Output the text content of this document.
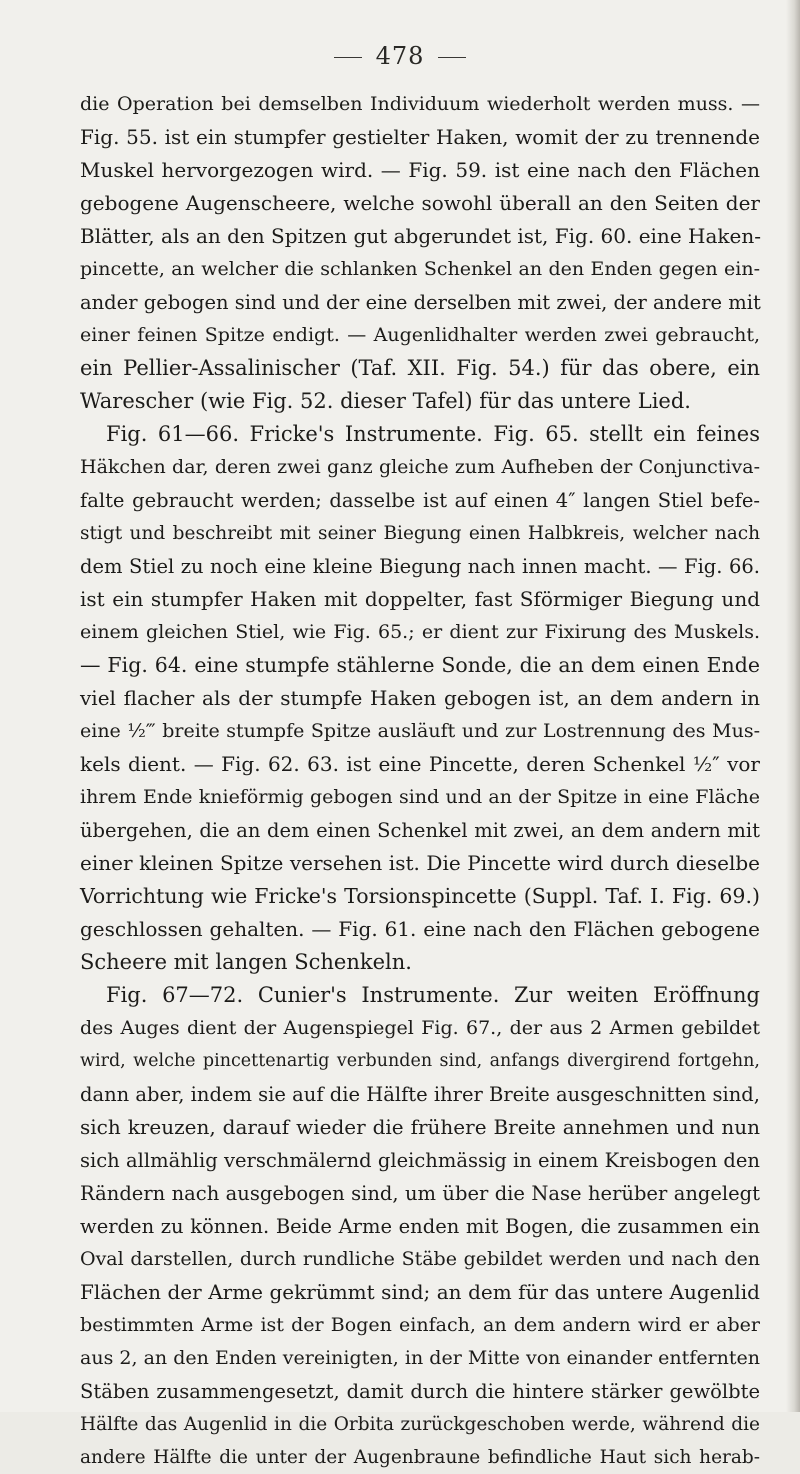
478
die Operation bei demselben Individuum wiederholt werden muss. —
Fig. 55. ist ein stumpfer gestielter Haken, womit der zu trennende
Muskel hervorgezogen wird. — Fig. 59. ist eine nach den Flächen
gebogene Augenscheere, welche sowohl überall an den Seiten der
Blätter, als an den Spitzen gut abgerundet ist, Fig. 60. eine Haken-
pincette, an welcher die schlanken Schenkel an den Enden gegen ein-
ander gebogen sind und der eine derselben mit zwei, der andere mit
einer feinen Spitze endigt. — Augenlidhalter werden zwei gebraucht,
ein Pellier-Assalinischer (Taf. XII. Fig. 54.) für das obere, ein
Warescher (wie Fig. 52. dieser Tafel) für das untere Lied.
Fig. 61—66. Fricke's Instrumente. Fig. 65. stellt ein feines
Häkchen dar, deren zwei ganz gleiche zum Aufheben der Conjunctiva-
falte gebraucht werden; dasselbe ist auf einen 4″ langen Stiel befe-
stigt und beschreibt mit seiner Biegung einen Halbkreis, welcher nach
dem Stiel zu noch eine kleine Biegung nach innen macht. — Fig. 66.
ist ein stumpfer Haken mit doppelter, fast Sförmiger Biegung und
einem gleichen Stiel, wie Fig. 65.; er dient zur Fixirung des Muskels.
— Fig. 64. eine stumpfe stählerne Sonde, die an dem einen Ende
viel flacher als der stumpfe Haken gebogen ist, an dem andern in
eine ½‴ breite stumpfe Spitze ausläuft und zur Lostrennung des Mus-
kels dient. — Fig. 62. 63. ist eine Pincette, deren Schenkel ½″ vor
ihrem Ende knieförmig gebogen sind und an der Spitze in eine Fläche
übergehen, die an dem einen Schenkel mit zwei, an dem andern mit
einer kleinen Spitze versehen ist. Die Pincette wird durch dieselbe
Vorrichtung wie Fricke's Torsionspincette (Suppl. Taf. I. Fig. 69.)
geschlossen gehalten. — Fig. 61. eine nach den Flächen gebogene
Scheere mit langen Schenkeln.
Fig. 67—72. Cunier's Instrumente. Zur weiten Eröffnung
des Auges dient der Augenspiegel Fig. 67., der aus 2 Armen gebildet
wird, welche pincettenartig verbunden sind, anfangs divergirend fortgehn,
dann aber, indem sie auf die Hälfte ihrer Breite ausgeschnitten sind,
sich kreuzen, darauf wieder die frühere Breite annehmen und nun
sich allmählig verschmälernd gleichmässig in einem Kreisbogen den
Rändern nach ausgebogen sind, um über die Nase herüber angelegt
werden zu können. Beide Arme enden mit Bogen, die zusammen ein
Oval darstellen, durch rundliche Stäbe gebildet werden und nach den
Flächen der Arme gekrümmt sind; an dem für das untere Augenlid
bestimmten Arme ist der Bogen einfach, an dem andern wird er aber
aus 2, an den Enden vereinigten, in der Mitte von einander entfernten
Stäben zusammengesetzt, damit durch die hintere stärker gewölbte
Hälfte das Augenlid in die Orbita zurückgeschoben werde, während die
andere Hälfte die unter der Augenbraune befindliche Haut sich herab-
